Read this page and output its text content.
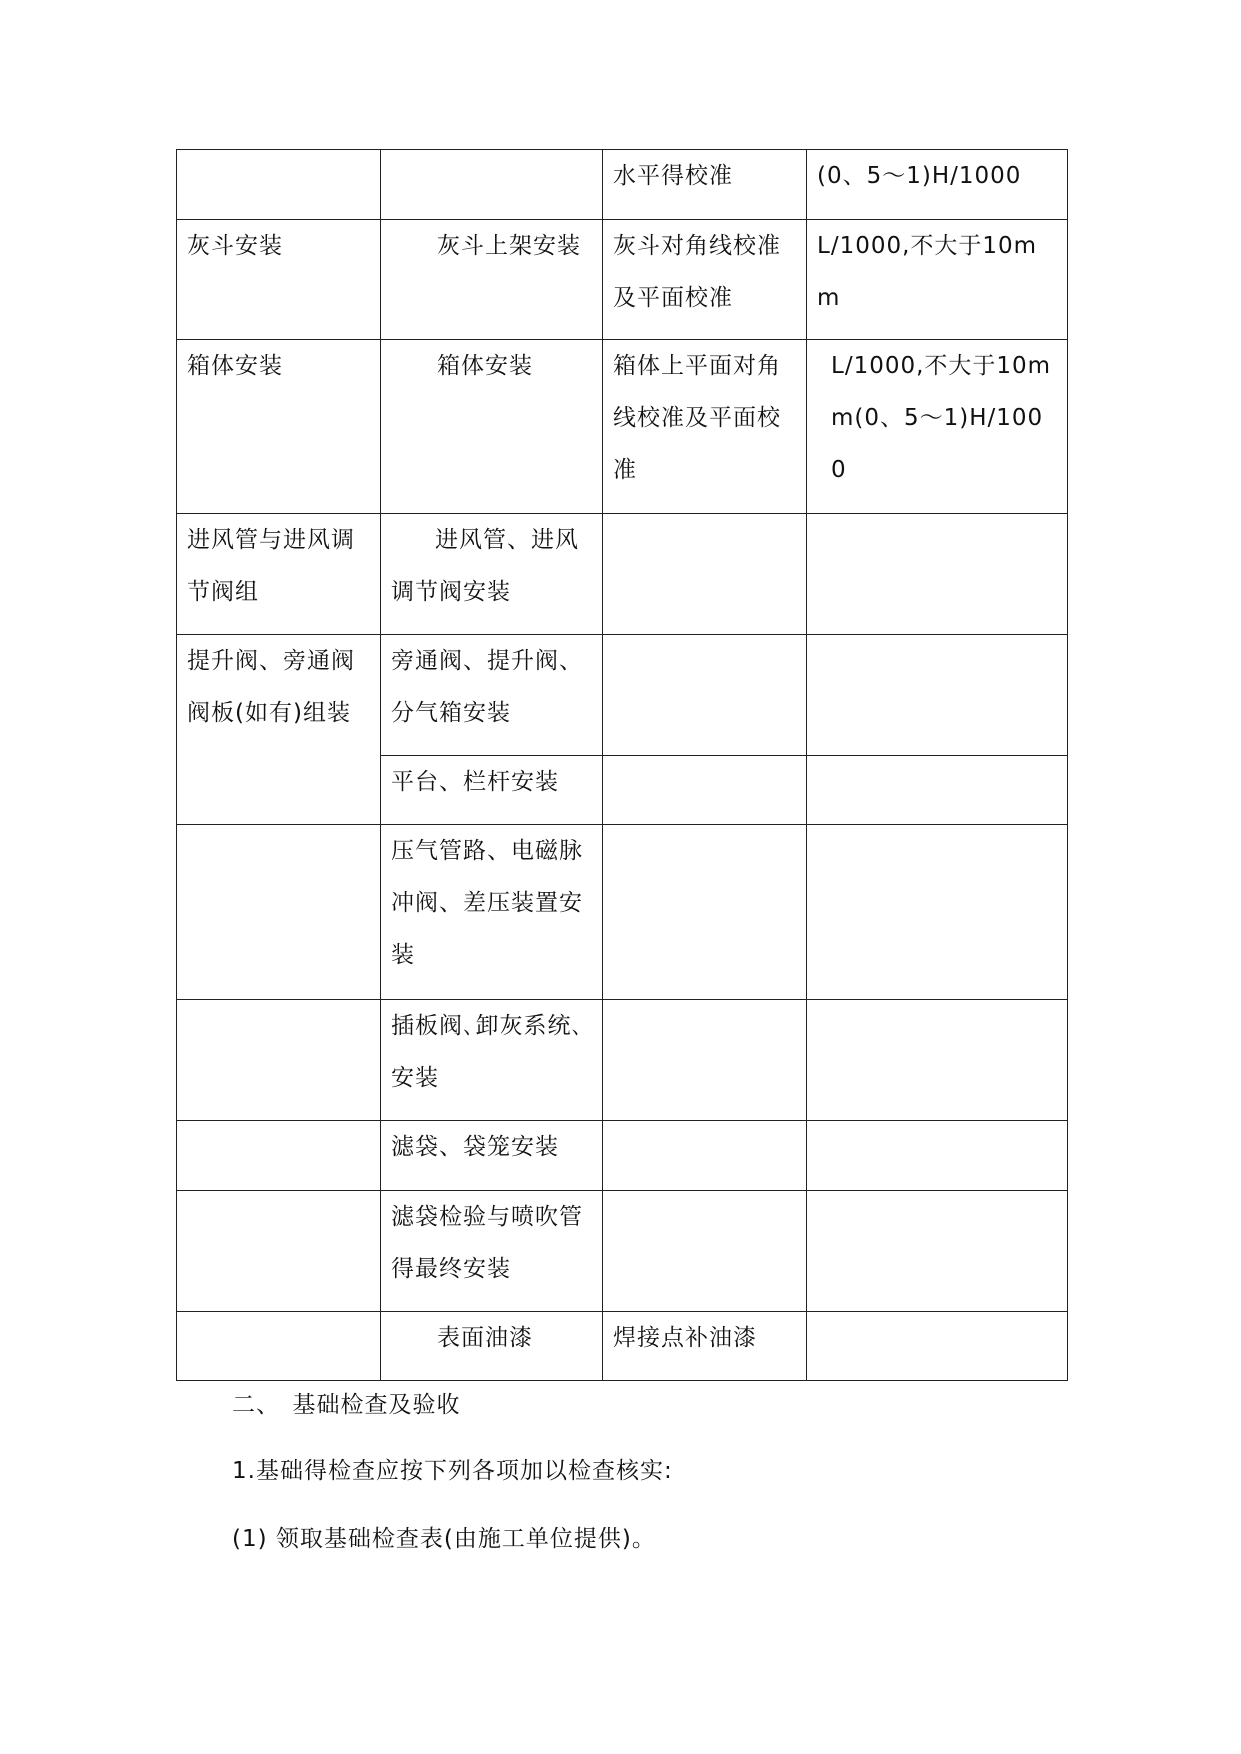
		水平得校准	(0、5～1)H/1000
灰斗安装	灰斗上架安装	灰斗对角线校准及平面校准	L/1000,不大于10mm
箱体安装	箱体安装	箱体上平面对角线校准及平面校准	L/1000,不大于10mm(0、5～1)H/1000
进风管与进风调节阀组	进风管、进风调节阀安装		
提升阀、旁通阀阀板(如有)组装	旁通阀、提升阀、分气箱安装		
	平台、栏杆安装		
	压气管路、电磁脉冲阀、差压装置安装		
	插板阀､卸灰系统､安装		
	滤袋、袋笼安装		
	滤袋检验与喷吹管得最终安装		
	表面油漆	焊接点补油漆	

二、　基础检查及验收

1.基础得检查应按下列各项加以检查核实:

(1) 领取基础检查表(由施工单位提供)。
